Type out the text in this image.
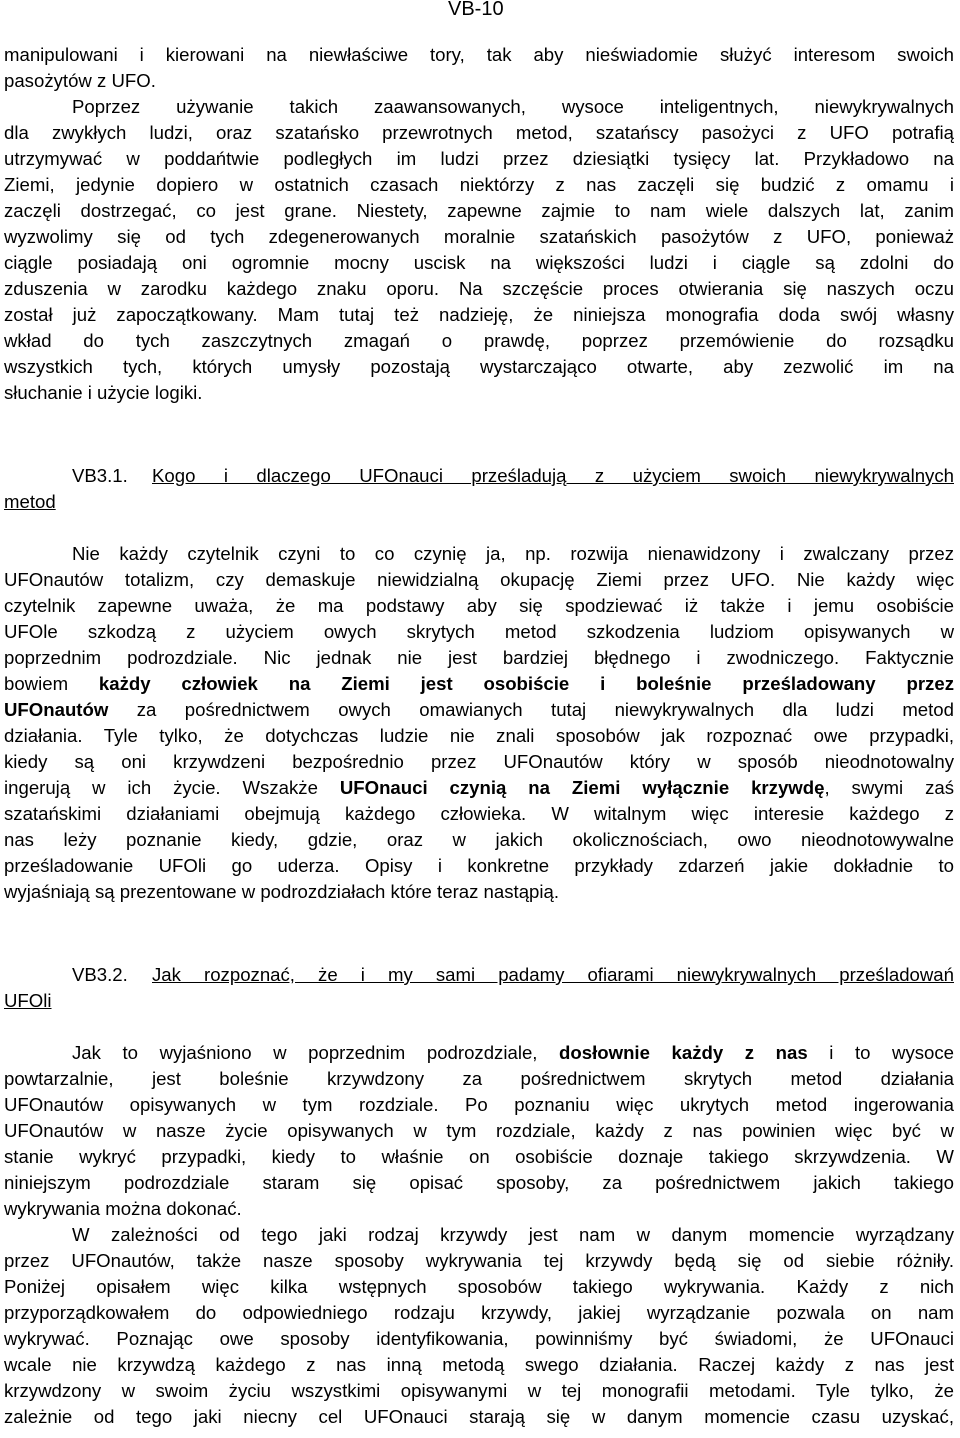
VB-10
manipulowani i kierowani na niewłaściwe tory, tak aby nieświadomie służyć interesom swoich
pasożytów z UFO.
Poprzez używanie takich zaawansowanych, wysoce inteligentnych, niewykrywalnych
dla zwykłych ludzi, oraz szatańsko przewrotnych metod, szatańscy pasożyci z UFO potrafią
utrzymywać w poddańtwie podległych im ludzi przez dziesiątki tysięcy lat. Przykładowo na
Ziemi, jedynie dopiero w ostatnich czasach niektórzy z nas zaczęli się budzić z omamu i
zaczęli dostrzegać, co jest grane. Niestety, zapewne zajmie to nam wiele dalszych lat, zanim
wyzwolimy się od tych zdegenerowanych moralnie szatańskich pasożytów z UFO, ponieważ
ciągle posiadają oni ogromnie mocny uscisk na większości ludzi i ciągle są zdolni do
zduszenia w zarodku każdego znaku oporu. Na szczęście proces otwierania się naszych oczu
został już zapoczątkowany. Mam tutaj też nadzieję, że niniejsza monografia doda swój własny
wkład do tych zaszczytnych zmagań o prawdę, poprzez przemówienie do rozsądku
wszystkich tych, których umysły pozostają wystarczająco otwarte, aby zezwolić im na
słuchanie i użycie logiki.
VB3.1. Kogo i dlaczego UFOnauci prześladują z użyciem swoich niewykrywalnych
metod
Nie każdy czytelnik czyni to co czynię ja, np. rozwija nienawidzony i zwalczany przez
UFOnautów totalizm, czy demaskuje niewidzialną okupację Ziemi przez UFO. Nie każdy więc
czytelnik zapewne uważa, że ma podstawy aby się spodziewać iż także i jemu osobiście
UFOle szkodzą z użyciem owych skrytych metod szkodzenia ludziom opisywanych w
poprzednim podrozdziale. Nic jednak nie jest bardziej błędnego i zwodniczego. Faktycznie
bowiem każdy człowiek na Ziemi jest osobiście i boleśnie prześladowany przez
UFOnautów za pośrednictwem owych omawianych tutaj niewykrywalnych dla ludzi metod
działania. Tyle tylko, że dotychczas ludzie nie znali sposobów jak rozpoznać owe przypadki,
kiedy są oni krzywdzeni bezpośrednio przez UFOnautów który w sposób nieodnotowalny
ingerują w ich życie. Wszakże UFOnauci czynią na Ziemi wyłącznie krzywdę, swymi zaś
szatańskimi działaniami obejmują każdego człowieka. W witalnym więc interesie każdego z
nas leży poznanie kiedy, gdzie, oraz w jakich okolicznościach, owo nieodnotowywalne
prześladowanie UFOli go uderza. Opisy i konkretne przykłady zdarzeń jakie dokładnie to
wyjaśniają są prezentowane w podrozdziałach które teraz nastąpią.
VB3.2. Jak rozpoznać, że i my sami padamy ofiarami niewykrywalnych prześladowań
UFOli
Jak to wyjaśniono w poprzednim podrozdziale, dosłownie każdy z nas i to wysoce
powtarzalnie, jest boleśnie krzywdzony za pośrednictwem skrytych metod działania
UFOnautów opisywanych w tym rozdziale. Po poznaniu więc ukrytych metod ingerowania
UFOnautów w nasze życie opisywanych w tym rozdziale, każdy z nas powinien więc być w
stanie wykryć przypadki, kiedy to właśnie on osobiście doznaje takiego skrzywdzenia. W
niniejszym podrozdziale staram się opisać sposoby, za pośrednictwem jakich takiego
wykrywania można dokonać.
W zależności od tego jaki rodzaj krzywdy jest nam w danym momencie wyrządzany
przez UFOnautów, także nasze sposoby wykrywania tej krzywdy będą się od siebie różniły.
Poniżej opisałem więc kilka wstępnych sposobów takiego wykrywania. Każdy z nich
przyporządkowałem do odpowiedniego rodzaju krzywdy, jakiej wyrządzanie pozwala on nam
wykrywać. Poznając owe sposoby identyfikowania, powinniśmy być świadomi, że UFOnauci
wcale nie krzywdzą każdego z nas inną metodą swego działania. Raczej każdy z nas jest
krzywdzony w swoim życiu wszystkimi opisywanymi w tej monografii metodami. Tyle tylko, że
zależnie od tego jaki niecny cel UFOnauci starają się w danym momencie czasu uzyskać,
